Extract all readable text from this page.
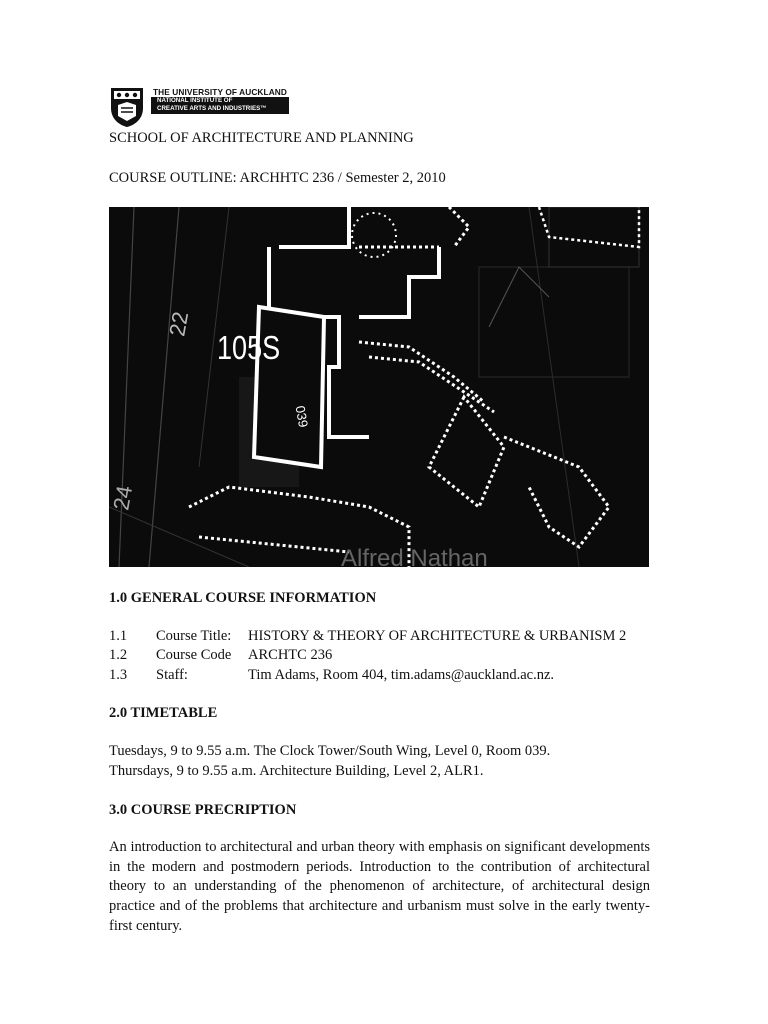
THE UNIVERSITY OF AUCKLAND
NATIONAL INSTITUTE OF
CREATIVE ARTS AND INDUSTRIES™
SCHOOL OF ARCHITECTURE AND PLANNING
COURSE OUTLINE: ARCHHTC 236 / Semester 2, 2010
22
105S
039
24
Alfred Nathan
1.0 GENERAL COURSE INFORMATION
1.1 Course Title: HISTORY & THEORY OF ARCHITECTURE & URBANISM 2
1.2 Course Code ARCHTC 236
1.3 Staff:	Tim Adams, Room 404, tim.adams@auckland.ac.nz.
2.0 TIMETABLE
Tuesdays, 9 to 9.55 a.m. The Clock Tower/South Wing, Level 0, Room 039.
Thursdays, 9 to 9.55 a.m. Architecture Building, Level 2, ALR1.
3.0 COURSE PRECRIPTION
An introduction to architectural and urban theory with emphasis on significant developments in the modern and postmodern periods. Introduction to the contribution of architectural theory to an understanding of the phenomenon of architecture, of architectural design practice and of the problems that architecture and urbanism must solve in the early twenty-first century.
